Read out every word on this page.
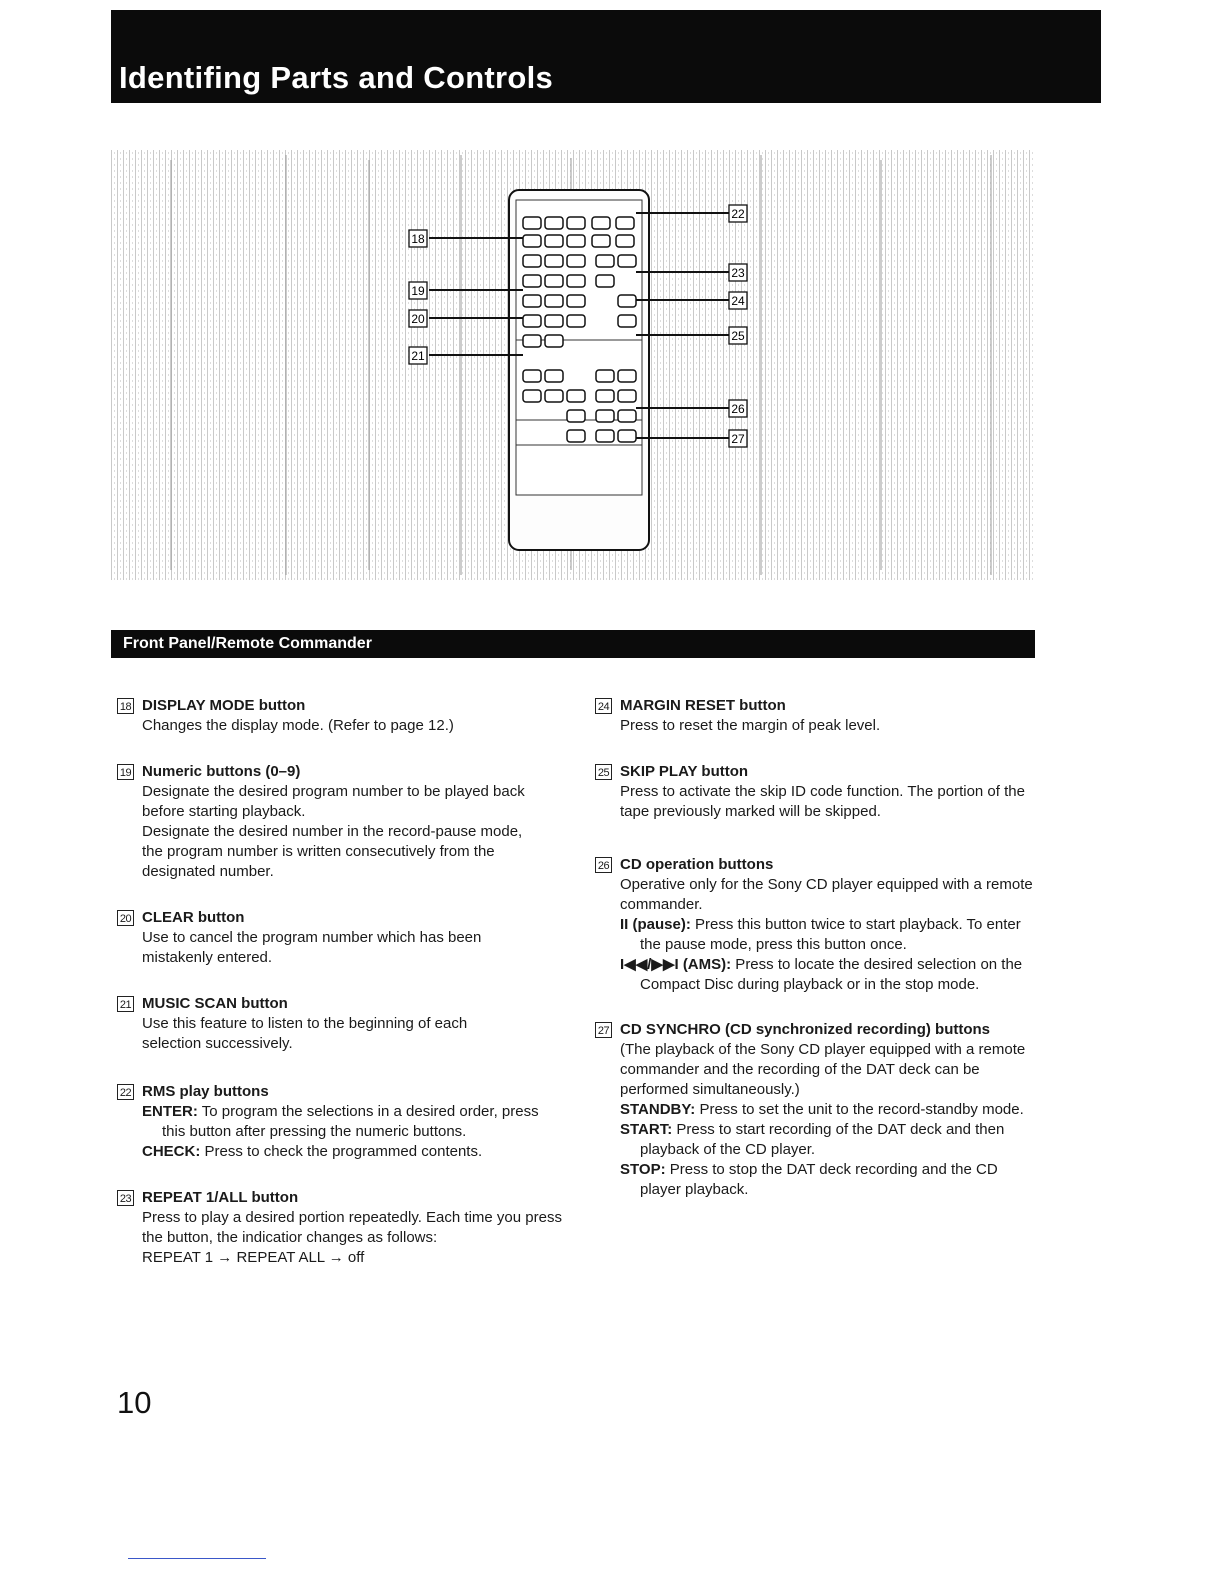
Identifing Parts and Controls
18
19
20
21
22
23
24
25
26
27
Front Panel/Remote Commander
18 DISPLAY MODE button

Changes the display mode. (Refer to page 12.)

19 Numeric buttons (0–9)

Designate the desired program number to be played back before starting playback.

Designate the desired number in the record-pause mode, the program number is written consecutively from the designated number.

20 CLEAR button

Use to cancel the program number which has been mistakenly entered.

21 MUSIC SCAN button

Use this feature to listen to the beginning of each selection successively.

22 RMS play buttons

ENTER: To program the selections in a desired order, press this button after pressing the numeric buttons.

CHECK: Press to check the programmed contents.

23 REPEAT 1/ALL button

Press to play a desired portion repeatedly. Each time you press the button, the indicatior changes as follows:

REPEAT 1 → REPEAT ALL → off

24 MARGIN RESET button

Press to reset the margin of peak level.

25 SKIP PLAY button

Press to activate the skip ID code function. The portion of the tape previously marked will be skipped.

26 CD operation buttons

Operative only for the Sony CD player equipped with a remote commander.

II (pause): Press this button twice to start playback. To enter the pause mode, press this button once.

I◀◀/▶▶I (AMS): Press to locate the desired selection on the Compact Disc during playback or in the stop mode.

27 CD SYNCHRO (CD synchronized recording) buttons

(The playback of the Sony CD player equipped with a remote commander and the recording of the DAT deck can be performed simultaneously.)

STANDBY: Press to set the unit to the record-standby mode.

START: Press to start recording of the DAT deck and then playback of the CD player.

STOP: Press to stop the DAT deck recording and the CD player playback.

10
